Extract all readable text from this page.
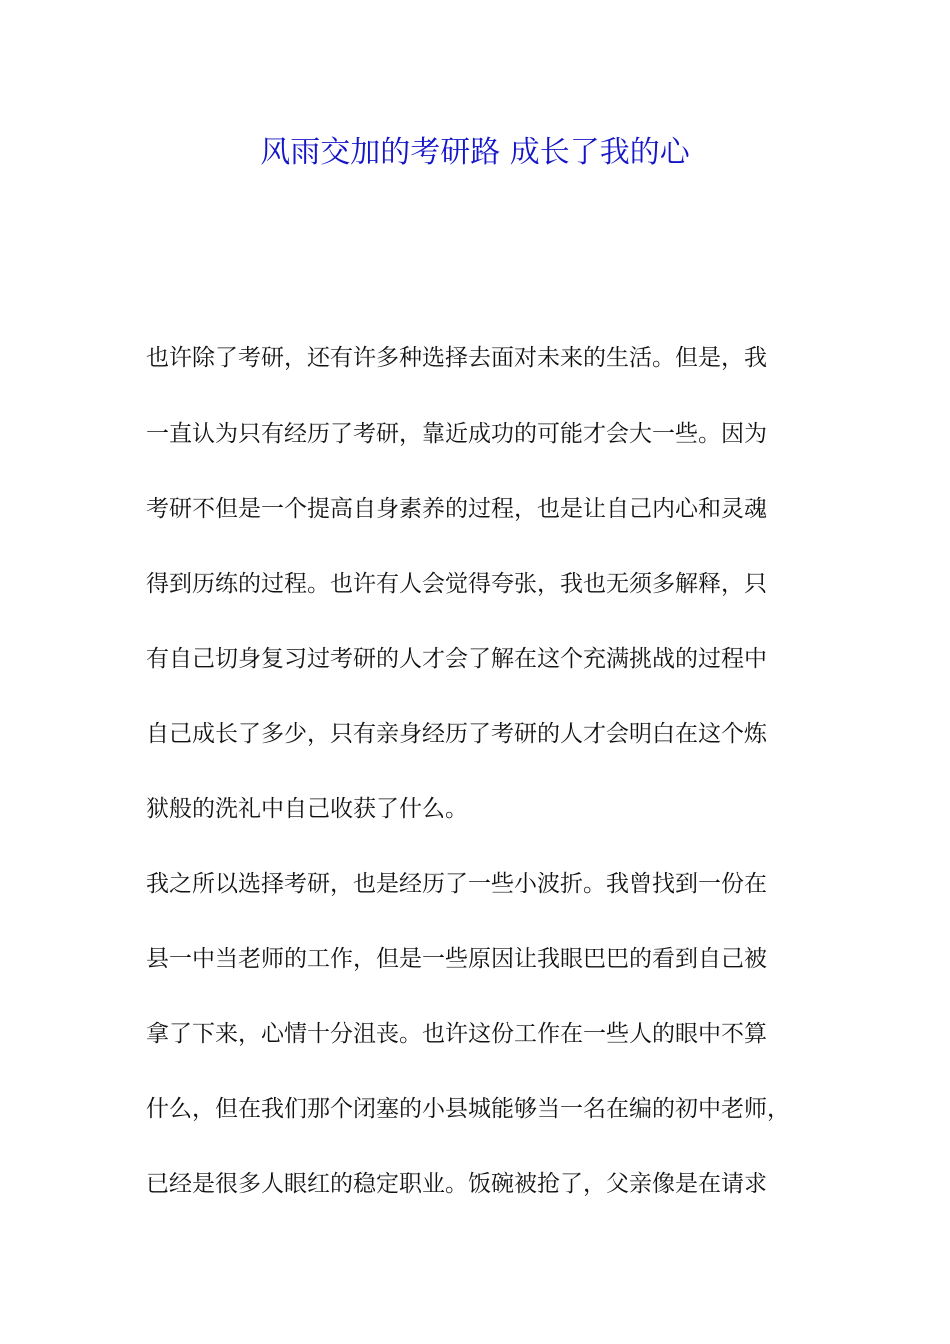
风雨交加的考研路 成长了我的心
也许除了考研，还有许多种选择去面对未来的生活。但是，我
一直认为只有经历了考研，靠近成功的可能才会大一些。因为
考研不但是一个提高自身素养的过程，也是让自己内心和灵魂
得到历练的过程。也许有人会觉得夸张，我也无须多解释，只
有自己切身复习过考研的人才会了解在这个充满挑战的过程中
自己成长了多少，只有亲身经历了考研的人才会明白在这个炼
狱般的洗礼中自己收获了什么。
我之所以选择考研，也是经历了一些小波折。我曾找到一份在
县一中当老师的工作，但是一些原因让我眼巴巴的看到自己被
拿了下来，心情十分沮丧。也许这份工作在一些人的眼中不算
什么，但在我们那个闭塞的小县城能够当一名在编的初中老师，
已经是很多人眼红的稳定职业。饭碗被抢了，父亲像是在请求
